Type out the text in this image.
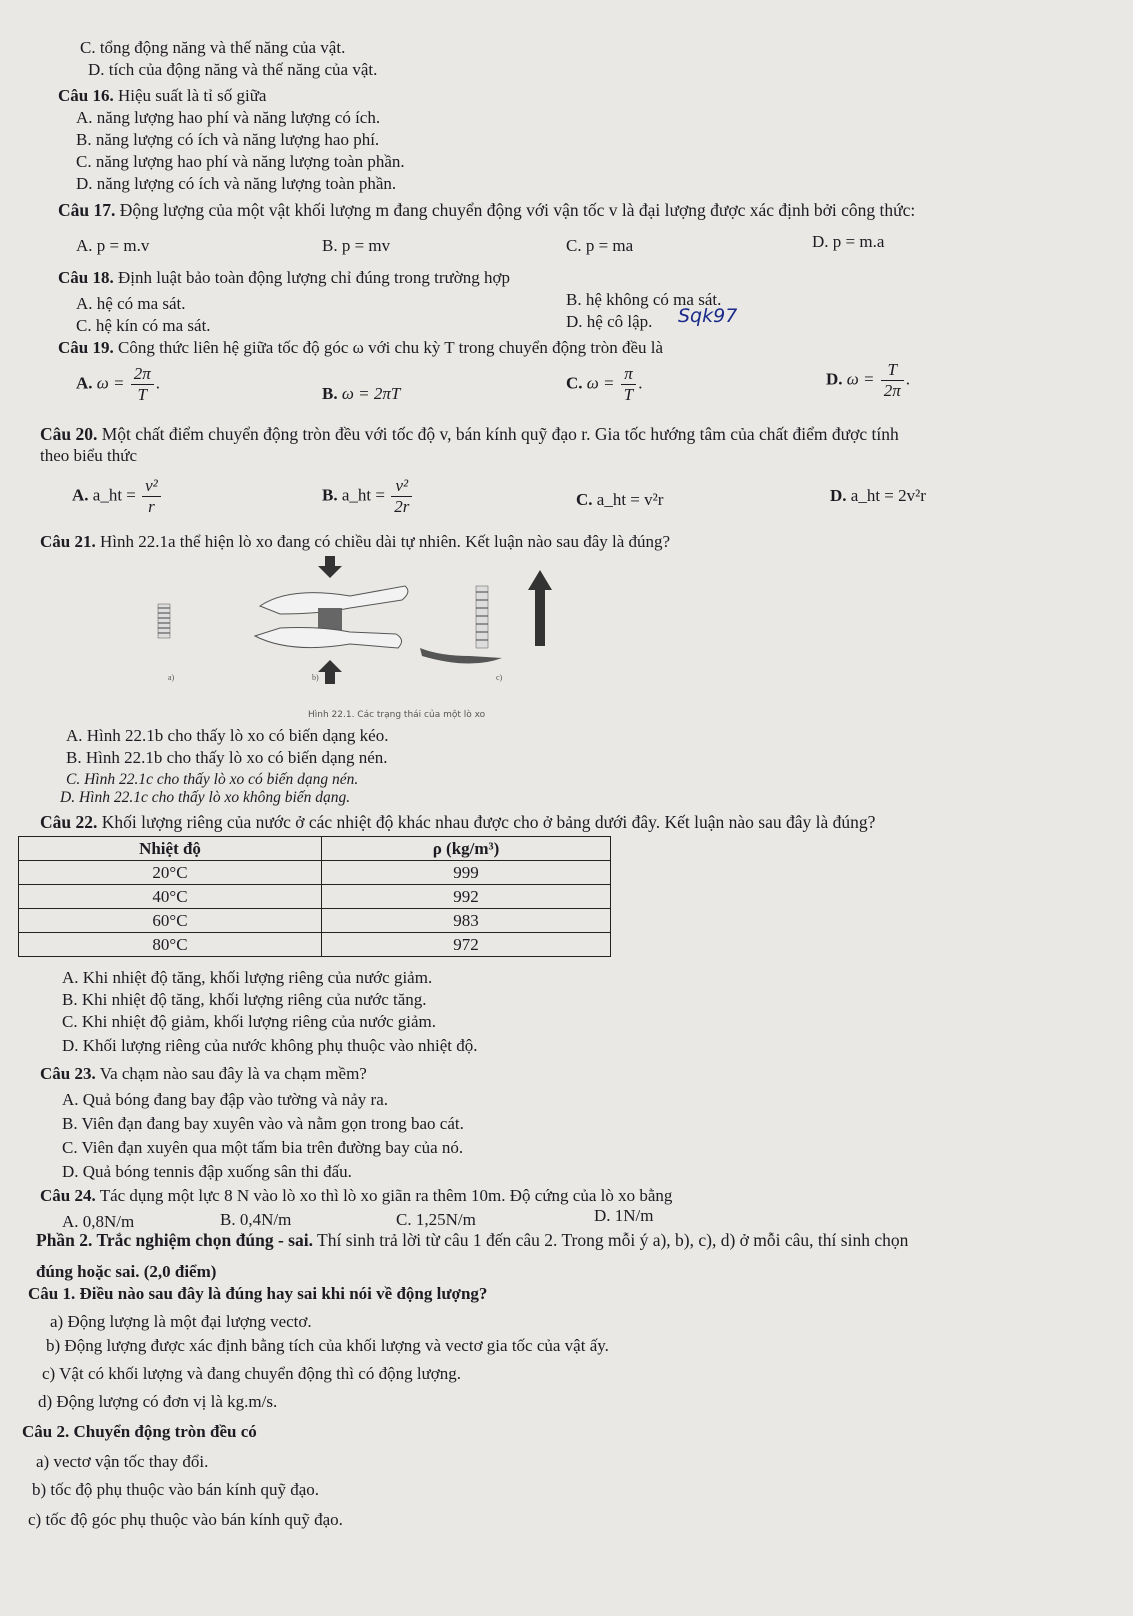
C. tổng động năng và thế năng của vật.
D. tích của động năng và thế năng của vật.
Câu 16. Hiệu suất là tỉ số giữa
A. năng lượng hao phí và năng lượng có ích.
B. năng lượng có ích và năng lượng hao phí.
C. năng lượng hao phí và năng lượng toàn phần.
D. năng lượng có ích và năng lượng toàn phần.
Câu 17. Động lượng của một vật khối lượng m đang chuyển động với vận tốc v là đại lượng được xác định bởi công thức:
A. p = m.v	B. p = mv	C. p = ma	D. p = m.a
Câu 18. Định luật bảo toàn động lượng chỉ đúng trong trường hợp
A. hệ có ma sát.	B. hệ không có ma sát.
C. hệ kín có ma sát.	D. hệ cô lập. Sqk97
Câu 19. Công thức liên hệ giữa tốc độ góc ω với chu kỳ T trong chuyển động tròn đều là
A. $\omega = \frac{2\pi}{T}$ .
B. ω = 2πT
C. $\omega = \frac{\pi}{T}$ .	D. $\omega = \frac{T}{2\pi}$ .
Câu 20. Một chất điểm chuyển động tròn đều với tốc độ v, bán kính quỹ đạo r. Gia tốc hướng tâm của chất điểm được tính
theo biểu thức
A. a_ht = $\frac{\text{v²}}{r}$	B. a_ht = $\frac{\text{v²}}{2r}$	C. a_ht = v²r	D. a_ht = 2v²r
Câu 21. Hình 22.1a thể hiện lò xo đang có chiều dài tự nhiên. Kết luận nào sau đây là đúng?
a)	b)	c)
Hình 22.1. Các trạng thái của một lò xo
A. Hình 22.1b cho thấy lò xo có biến dạng kéo.
B. Hình 22.1b cho thấy lò xo có biến dạng nén.
C. Hình 22.1c cho thấy lò xo có biến dạng nén.
D. Hình 22.1c cho thấy lò xo không biến dạng.
Câu 22. Khối lượng riêng của nước ở các nhiệt độ khác nhau được cho ở bảng dưới đây. Kết luận nào sau đây là đúng?
Nhiệt độ	ρ (kg/m³)
20°C	999
40°C	992
60°C	983
80°C	972
A. Khi nhiệt độ tăng, khối lượng riêng của nước giảm.
B. Khi nhiệt độ tăng, khối lượng riêng của nước tăng.
C. Khi nhiệt độ giảm, khối lượng riêng của nước giảm.
D. Khối lượng riêng của nước không phụ thuộc vào nhiệt độ.
Câu 23. Va chạm nào sau đây là va chạm mềm?
A. Quả bóng đang bay đập vào tường và nảy ra.
B. Viên đạn đang bay xuyên vào và nằm gọn trong bao cát.
C. Viên đạn xuyên qua một tấm bia trên đường bay của nó.
D. Quả bóng tennis đập xuống sân thi đấu.
Câu 24. Tác dụng một lực 8 N vào lò xo thì lò xo giãn ra thêm 10m. Độ cứng của lò xo bằng
A. 0,8N/m	B. 0,4N/m	C. 1,25N/m	D. 1N/m
Phần 2. Trắc nghiệm chọn đúng - sai. Thí sinh trả lời từ câu 1 đến câu 2. Trong mỗi ý a), b), c), d) ở mỗi câu, thí sinh chọn
đúng hoặc sai. (2,0 điểm)
Câu 1. Điều nào sau đây là đúng hay sai khi nói về động lượng?
a) Động lượng là một đại lượng vectơ.
b) Động lượng được xác định bằng tích của khối lượng và vectơ gia tốc của vật ấy.
c) Vật có khối lượng và đang chuyển động thì có động lượng.
d) Động lượng có đơn vị là kg.m/s.
Câu 2. Chuyển động tròn đều có
a) vectơ vận tốc thay đổi.
b) tốc độ phụ thuộc vào bán kính quỹ đạo.
c) tốc độ góc phụ thuộc vào bán kính quỹ đạo.
